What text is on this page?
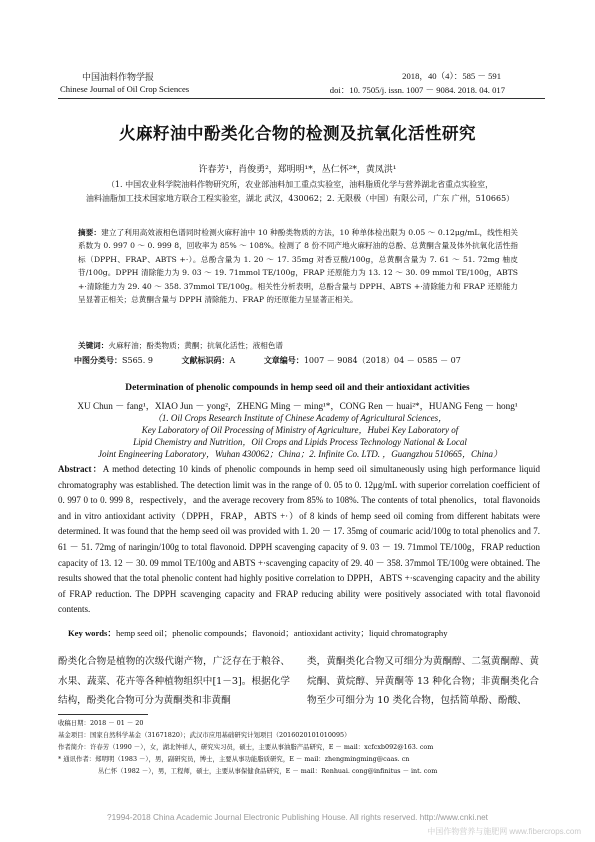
中国油料作物学报
Chinese Journal of Oil Crop Sciences
2018，40（4）：585 － 591
doi：10. 7505/j. issn. 1007 － 9084. 2018. 04. 017
火麻籽油中酚类化合物的检测及抗氧化活性研究
许春芳¹，肖俊勇²，郑明明¹*，丛仁怀²*，黄凤洪¹
（1. 中国农业科学院油料作物研究所，农业部油料加工重点实验室，油料脂质化学与营养湖北省重点实验室，
油料油脂加工技术国家地方联合工程实验室，湖北 武汉，430062；2. 无限极（中国）有限公司，广东 广州，510665）
摘要：建立了利用高效液相色谱同时检测火麻籽油中 10 种酚类物质的方法，10 种单体检出限为 0.05 ～ 0.12μg/mL，线性相关系数为 0. 997 0 ～ 0. 999 8，回收率为 85% ～ 108%。检测了 8 份不同产地火麻籽油的总酚、总黄酮含量及体外抗氧化活性指标（DPPH、FRAP、ABTS +·）。总酚含量为 1. 20 ～ 17. 35mg 对香豆酸/100g，总黄酮含量为 7. 61 ～ 51. 72mg 柚皮苷/100g。DPPH 清除能力为 9. 03 ～ 19. 71mmol TE/100g，FRAP 还原能力为 13. 12 ～ 30. 09 mmol TE/100g，ABTS +·清除能力为 29. 40 ～ 358. 37mmol TE/100g。相关性分析表明，总酚含量与 DPPH、ABTS +·清除能力和 FRAP 还原能力呈显著正相关；总黄酮含量与 DPPH 清除能力、FRAP 的还原能力呈显著正相关。
关键词：火麻籽油；酚类物质；黄酮；抗氧化活性；液相色谱
中图分类号：S565. 9	文献标识码：A	文章编号：1007 － 9084（2018）04 － 0585 － 07
Determination of phenolic compounds in hemp seed oil and their antioxidant activities
XU Chun － fang¹，XIAO Jun － yong²，ZHENG Ming － ming¹*，CONG Ren － huai²*，HUANG Feng － hong¹
（1. Oil Crops Research Institute of Chinese Academy of Agricultural Sciences，
Key Laboratory of Oil Processing of Ministry of Agriculture，Hubei Key Laboratory of
Lipid Chemistry and Nutrition，Oil Crops and Lipids Process Technology National & Local
Joint Engineering Laboratory，Wuhan 430062；China；2. Infinite Co. LTD. ，Guangzhou 510665，China）
Abstract：A method detecting 10 kinds of phenolic compounds in hemp seed oil simultaneously using high performance liquid chromatography was established. The detection limit was in the range of 0. 05 to 0. 12μg/mL with superior correlation coefficient of 0. 997 0 to 0. 999 8，respectively，and the average recovery from 85% to 108%. The contents of total phenolics，total flavonoids and in vitro antioxidant activity（DPPH，FRAP，ABTS +·）of 8 kinds of hemp seed oil coming from different habitats were determined. It was found that the hemp seed oil was provided with 1. 20 － 17. 35mg of coumaric acid/100g to total phenolics and 7. 61 － 51. 72mg of naringin/100g to total flavonoid. DPPH scavenging capacity of 9. 03 － 19. 71mmol TE/100g，FRAP reduction capacity of 13. 12 － 30. 09 mmol TE/100g and ABTS +·scavenging capacity of 29. 40 － 358. 37mmol TE/100g were obtained. The results showed that the total phenolic content had highly positive correlation to DPPH，ABTS +·scavenging capacity and the ability of FRAP reduction. The DPPH scavenging capacity and FRAP reducing ability were positively associated with total flavonoid contents.
Key words：hemp seed oil；phenolic compounds；flavonoid；antioxidant activity；liquid chromatography
酚类化合物是植物的次级代谢产物，广泛存在于粮谷、水果、蔬菜、花卉等各种植物组织中[1－3]。根据化学结构，酚类化合物可分为黄酮类和非黄酮
类，黄酮类化合物又可细分为黄酮醇、二氢黄酮醇、黄烷酮、黄烷醇、异黄酮等 13 种化合物；非黄酮类化合物至少可细分为 10 类化合物，包括简单酚、酚酸、
收稿日期：2018 － 01 － 20
基金项目：国家自然科学基金（31671820）；武汉市应用基础研究计划项目（2016020101010095）
作者简介：许春芳（1990 －），女，湖北钟祥人，研究实习员，硕士，主要从事油脂产品研究，E － mail：xcfcxb092@163. com
* 通讯作者：郑明明（1983 －），男，副研究员，博士，主要从事功能脂质研究，E － mail：zhengmingming@caas. cn
丛仁怀（1982 －），男，工程师，硕士，主要从事保健食品研究，E － mail：Renhuai. cong@infinitus － int. com
?1994-2018 China Academic Journal Electronic Publishing House. All rights reserved. http://www.cnki.net
中国作物营养与施肥网 www.fibercrops.com
